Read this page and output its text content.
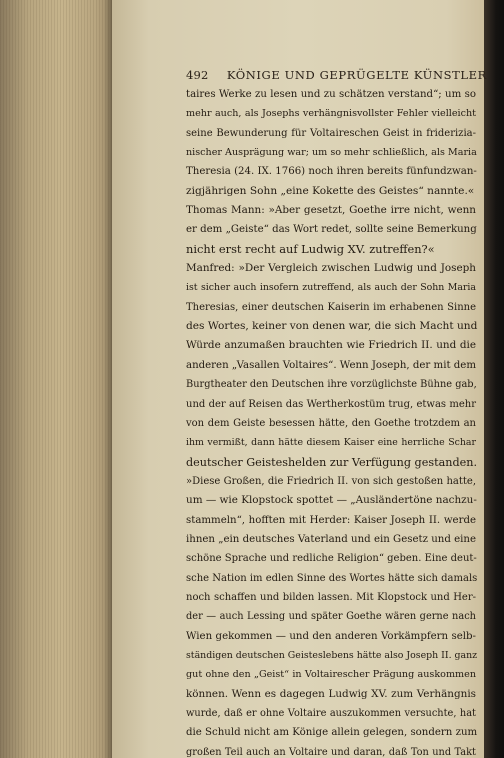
492 KÖNIGE UND GEPRÜGELTE KÜNSTLER
taires Werke zu lesen und zu schätzen verstand“; um so
mehr auch, als Josephs verhängnisvollster Fehler vielleicht
seine Bewunderung für Voltaireschen Geist in friderizia-
nischer Ausprägung war; um so mehr schließlich, als Maria
Theresia (24. IX. 1766) noch ihren bereits fünfundzwan-
zigjährigen Sohn „eine Kokette des Geistes“ nannte.«
Thomas Mann: »Aber gesetzt, Goethe irre nicht, wenn
er dem „Geiste“ das Wort redet, sollte seine Bemerkung
nicht erst recht auf Ludwig XV. zutreffen?«
Manfred: »Der Vergleich zwischen Ludwig und Joseph
ist sicher auch insofern zutreffend, als auch der Sohn Maria
Theresias, einer deutschen Kaiserin im erhabenen Sinne
des Wortes, keiner von denen war, die sich Macht und
Würde anzumaßen brauchten wie Friedrich II. und die
anderen „Vasallen Voltaires“. Wenn Joseph, der mit dem
Burgtheater den Deutschen ihre vorzüglichste Bühne gab,
und der auf Reisen das Wertherkostüm trug, etwas mehr
von dem Geiste besessen hätte, den Goethe trotzdem an
ihm vermißt, dann hätte diesem Kaiser eine herrliche Schar
deutscher Geisteshelden zur Verfügung gestanden.
»Diese Großen, die Friedrich II. von sich gestoßen hatte,
um — wie Klopstock spottet — „Ausländertöne nachzu-
stammeln“, hofften mit Herder: Kaiser Joseph II. werde
ihnen „ein deutsches Vaterland und ein Gesetz und eine
schöne Sprache und redliche Religion“ geben. Eine deut-
sche Nation im edlen Sinne des Wortes hätte sich damals
noch schaffen und bilden lassen. Mit Klopstock und Her-
der — auch Lessing und später Goethe wären gerne nach
Wien gekommen — und den anderen Vorkämpfern selb-
ständigen deutschen Geisteslebens hätte also Joseph II. ganz
gut ohne den „Geist“ in Voltairescher Prägung auskommen
können. Wenn es dagegen Ludwig XV. zum Verhängnis
wurde, daß er ohne Voltaire auszukommen versuchte, hat
die Schuld nicht am Könige allein gelegen, sondern zum
großen Teil auch an Voltaire und daran, daß Ton und Takt
